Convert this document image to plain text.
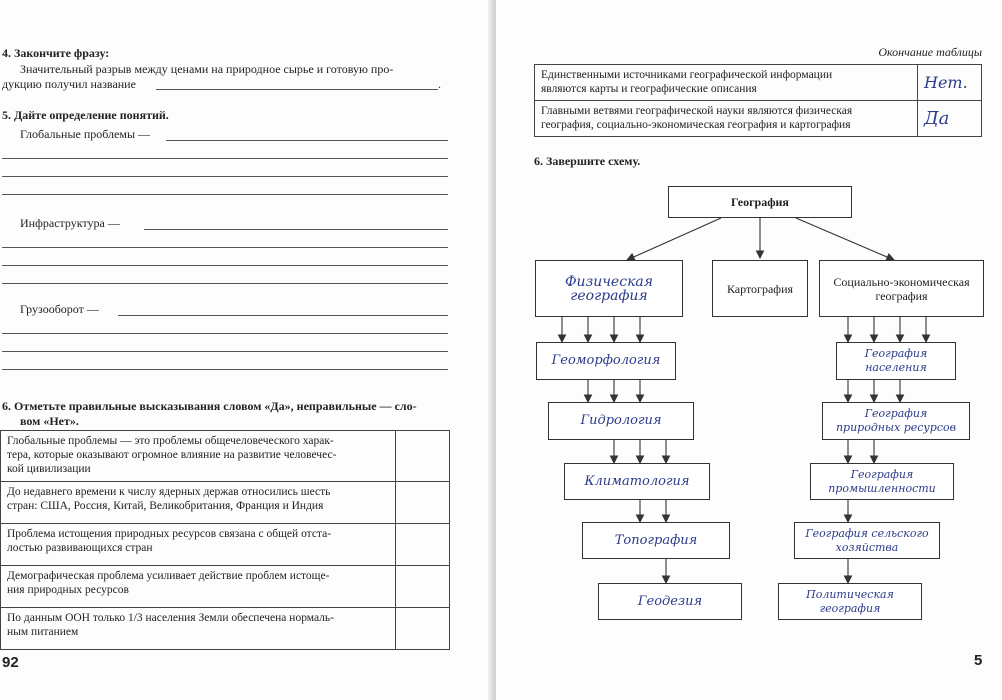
4. Закончите фразу:
Значительный разрыв между ценами на природное сырье и готовую про-
дукцию получил название	.
5. Дайте определение понятий.
Глобальные проблемы —
Инфраструктура —
Грузооборот —
6. Отметьте правильные высказывания словом «Да», неправильные — сло-
вом «Нет».
Глобальные проблемы — это проблемы общечеловеческого харак-
тера, которые оказывают огромное влияние на развитие человечес-
кой цивилизации	

До недавнего времени к числу ядерных держав относились шесть
стран: США, Россия, Китай, Великобритания, Франция и Индия	

Проблема истощения природных ресурсов связана с общей отста-
лостью развивающихся стран	

Демографическая проблема усиливает действие проблем истоще-
ния природных ресурсов	

По данным ООН только 1/3 населения Земли обеспечена нормаль-
ным питанием	

92
Окончание таблицы
Единственными источниками географической информации
являются карты и географические описания	Нет.

Главными ветвями географической науки являются физическая
география, социально-экономическая география и картография	Да
6. Завершите схему.
География
Физическая география	Картография	Социально-экономическая
география
Геоморфология
Гидрология
Климатология
Топография
Геодезия
География населения
География природных ресурсов
География промышленности
География сельского хозяйства
Политическая география
5
